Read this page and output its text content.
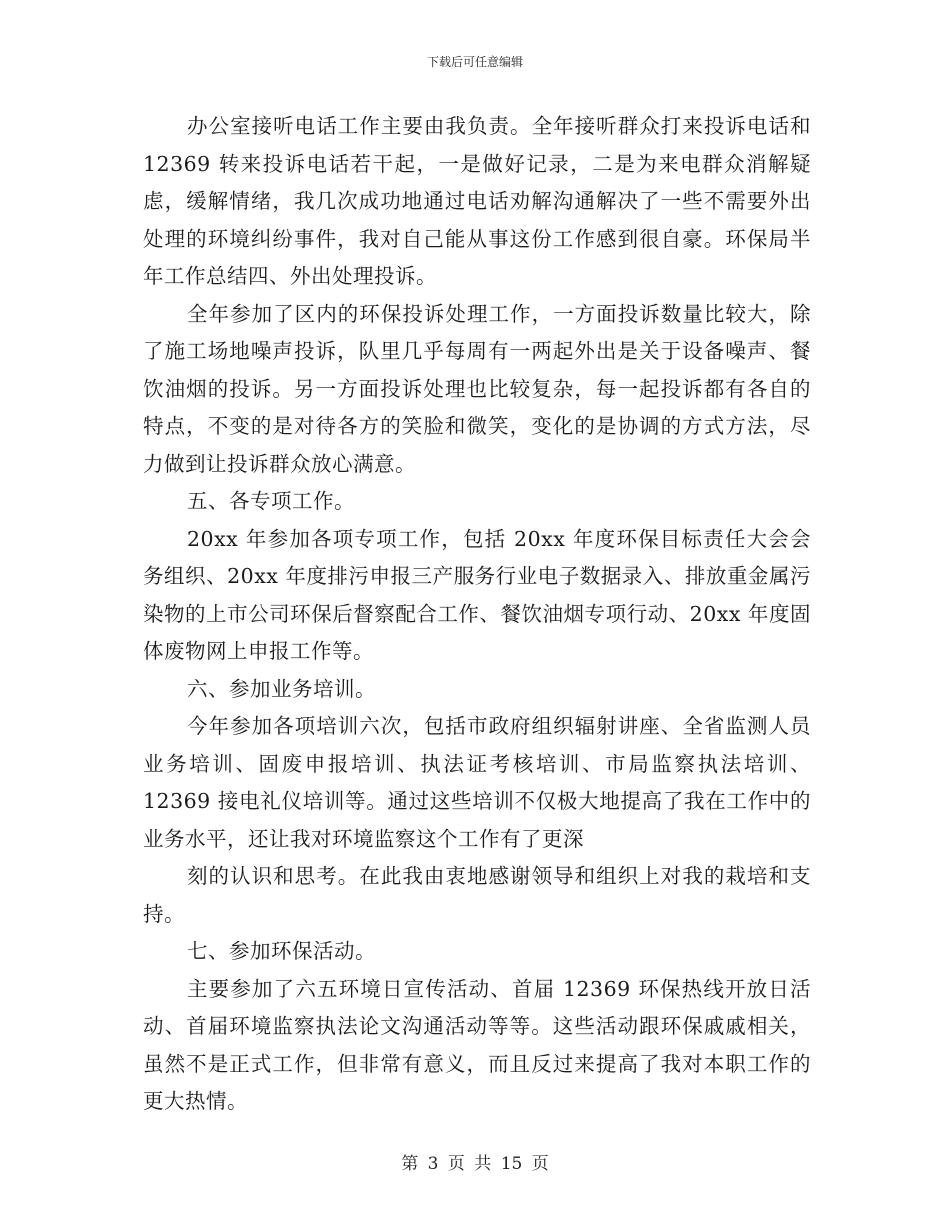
下载后可任意编辑

办公室接听电话工作主要由我负责。全年接听群众打来投诉电话和 12369 转来投诉电话若干起，一是做好记录，二是为来电群众消解疑虑，缓解情绪，我几次成功地通过电话劝解沟通解决了一些不需要外出处理的环境纠纷事件，我对自己能从事这份工作感到很自豪。环保局半年工作总结四、外出处理投诉。

全年参加了区内的环保投诉处理工作，一方面投诉数量比较大，除了施工场地噪声投诉，队里几乎每周有一两起外出是关于设备噪声、餐饮油烟的投诉。另一方面投诉处理也比较复杂，每一起投诉都有各自的特点，不变的是对待各方的笑脸和微笑，变化的是协调的方式方法，尽力做到让投诉群众放心满意。

五、各专项工作。

20xx 年参加各项专项工作，包括 20xx 年度环保目标责任大会会务组织、20xx 年度排污申报三产服务行业电子数据录入、排放重金属污染物的上市公司环保后督察配合工作、餐饮油烟专项行动、20xx 年度固体废物网上申报工作等。

六、参加业务培训。

今年参加各项培训六次，包括市政府组织辐射讲座、全省监测人员业务培训、固废申报培训、执法证考核培训、市局监察执法培训、12369 接电礼仪培训等。通过这些培训不仅极大地提高了我在工作中的业务水平，还让我对环境监察这个工作有了更深

刻的认识和思考。在此我由衷地感谢领导和组织上对我的栽培和支持。

七、参加环保活动。

主要参加了六五环境日宣传活动、首届 12369 环保热线开放日活动、首届环境监察执法论文沟通活动等等。这些活动跟环保戚戚相关，虽然不是正式工作，但非常有意义，而且反过来提高了我对本职工作的更大热情。

第 3 页 共 15 页
